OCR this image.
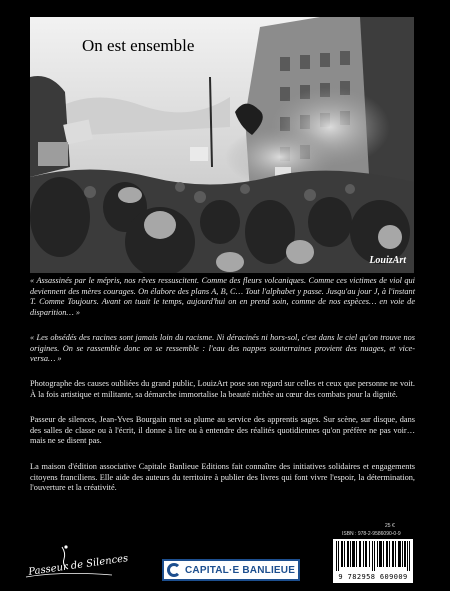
On est ensemble
LouizArt

« Assassinés par le mépris, nos rêves ressuscitent. Comme des fleurs volcaniques. Comme ces victimes de viol qui deviennent des mères courages. On élabore des plans A, B, C… Tout l'alphabet y passe. Jusqu'au jour J, à l'instant T. Comme Toujours. Avant on tuait le temps, aujourd'hui on en prend soin, comme de nos espèces… en voie de disparition… »

« Les obsédés des racines sont jamais loin du racisme. Ni déracinés ni hors-sol, c'est dans le ciel qu'on trouve nos origines. On se rassemble donc on se ressemble : l'eau des nappes souterraines provient des nuages, et vice-versa… »

Photographe des causes oubliées du grand public, LouizArt pose son regard sur celles et ceux que personne ne voit. À la fois artistique et militante, sa démarche immortalise la beauté nichée au cœur des combats pour la dignité.

Passeur de silences, Jean-Yves Bourgain met sa plume au service des apprentis sages. Sur scène, sur disque, dans des salles de classe ou à l'écrit, il donne à lire ou à entendre des réalités quotidiennes qu'on préfère ne pas voir… mais ne se disent pas.

La maison d'édition associative Capitale Banlieue Editions fait connaître des initiatives solidaires et engagements citoyens franciliens. Elle aide des auteurs du territoire à publier des livres qui font vivre l'espoir, la détermination, l'ouverture et la créativité.

25 €
ISBN : 978-2-9586090-0-9
9 782958 609009
Passeur de Silences	CAPITAL·E BANLIEUE
